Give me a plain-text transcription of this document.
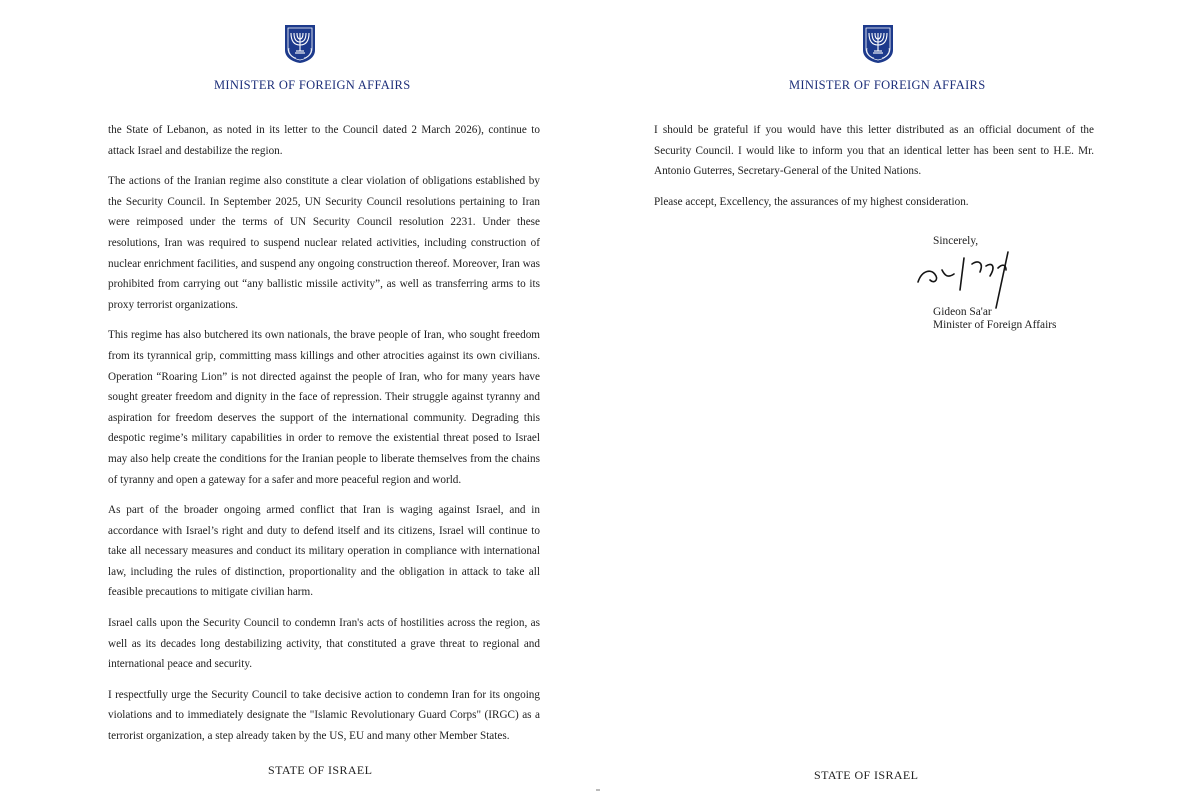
MINISTER OF FOREIGN AFFAIRS

the State of Lebanon, as noted in its letter to the Council dated 2 March 2026), continue to attack Israel and destabilize the region.

The actions of the Iranian regime also constitute a clear violation of obligations established by the Security Council. In September 2025, UN Security Council resolutions pertaining to Iran were reimposed under the terms of UN Security Council resolution 2231. Under these resolutions, Iran was required to suspend nuclear related activities, including construction of nuclear enrichment facilities, and suspend any ongoing construction thereof. Moreover, Iran was prohibited from carrying out “any ballistic missile activity”, as well as transferring arms to its proxy terrorist organizations.

This regime has also butchered its own nationals, the brave people of Iran, who sought freedom from its tyrannical grip, committing mass killings and other atrocities against its own civilians. Operation “Roaring Lion” is not directed against the people of Iran, who for many years have sought greater freedom and dignity in the face of repression. Their struggle against tyranny and aspiration for freedom deserves the support of the international community. Degrading this despotic regime’s military capabilities in order to remove the existential threat posed to Israel may also help create the conditions for the Iranian people to liberate themselves from the chains of tyranny and open a gateway for a safer and more peaceful region and world.

As part of the broader ongoing armed conflict that Iran is waging against Israel, and in accordance with Israel’s right and duty to defend itself and its citizens, Israel will continue to take all necessary measures and conduct its military operation in compliance with international law, including the rules of distinction, proportionality and the obligation in attack to take all feasible precautions to mitigate civilian harm.

Israel calls upon the Security Council to condemn Iran's acts of hostilities across the region, as well as its decades long destabilizing activity, that constituted a grave threat to regional and international peace and security.

I respectfully urge the Security Council to take decisive action to condemn Iran for its ongoing violations and to immediately designate the "Islamic Revolutionary Guard Corps" (IRGC) as a terrorist organization, a step already taken by the US, EU and many other Member States.

STATE OF ISRAEL
MINISTER OF FOREIGN AFFAIRS

I should be grateful if you would have this letter distributed as an official document of the Security Council. I would like to inform you that an identical letter has been sent to H.E. Mr. Antonio Guterres, Secretary-General of the United Nations.

Please accept, Excellency, the assurances of my highest consideration.

Sincerely,
Gideon Sa'ar
Minister of Foreign Affairs
STATE OF ISRAEL
